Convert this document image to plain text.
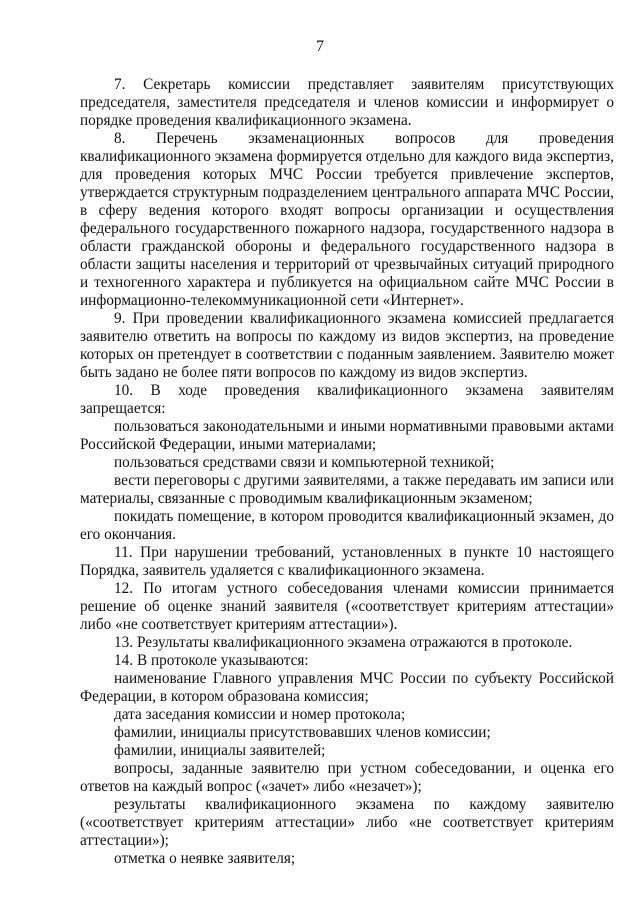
7

7. Секретарь комиссии представляет заявителям присутствующих председателя, заместителя председателя и членов комиссии и информирует о порядке проведения квалификационного экзамена.

8. Перечень экзаменационных вопросов для проведения квалификационного экзамена формируется отдельно для каждого вида экспертиз, для проведения которых МЧС России требуется привлечение экспертов, утверждается структурным подразделением центрального аппарата МЧС России, в сферу ведения которого входят вопросы организации и осуществления федерального государственного пожарного надзора, государственного надзора в области гражданской обороны и федерального государственного надзора в области защиты населения и территорий от чрезвычайных ситуаций природного и техногенного характера и публикуется на официальном сайте МЧС России в информационно-телекоммуникационной сети «Интернет».

9. При проведении квалификационного экзамена комиссией предлагается заявителю ответить на вопросы по каждому из видов экспертиз, на проведение которых он претендует в соответствии с поданным заявлением. Заявителю может быть задано не более пяти вопросов по каждому из видов экспертиз.

10. В ходе проведения квалификационного экзамена заявителям запрещается:

пользоваться законодательными и иными нормативными правовыми актами Российской Федерации, иными материалами;

пользоваться средствами связи и компьютерной техникой;

вести переговоры с другими заявителями, а также передавать им записи или материалы, связанные с проводимым квалификационным экзаменом;

покидать помещение, в котором проводится квалификационный экзамен, до его окончания.

11. При нарушении требований, установленных в пункте 10 настоящего Порядка, заявитель удаляется с квалификационного экзамена.

12. По итогам устного собеседования членами комиссии принимается решение об оценке знаний заявителя («соответствует критериям аттестации» либо «не соответствует критериям аттестации»).

13. Результаты квалификационного экзамена отражаются в протоколе.

14. В протоколе указываются:

наименование Главного управления МЧС России по субъекту Российской Федерации, в котором образована комиссия;

дата заседания комиссии и номер протокола;

фамилии, инициалы присутствовавших членов комиссии;

фамилии, инициалы заявителей;

вопросы, заданные заявителю при устном собеседовании, и оценка его ответов на каждый вопрос («зачет» либо «незачет»);

результаты квалификационного экзамена по каждому заявителю («соответствует критериям аттестации» либо «не соответствует критериям аттестации»);

отметка о неявке заявителя;
